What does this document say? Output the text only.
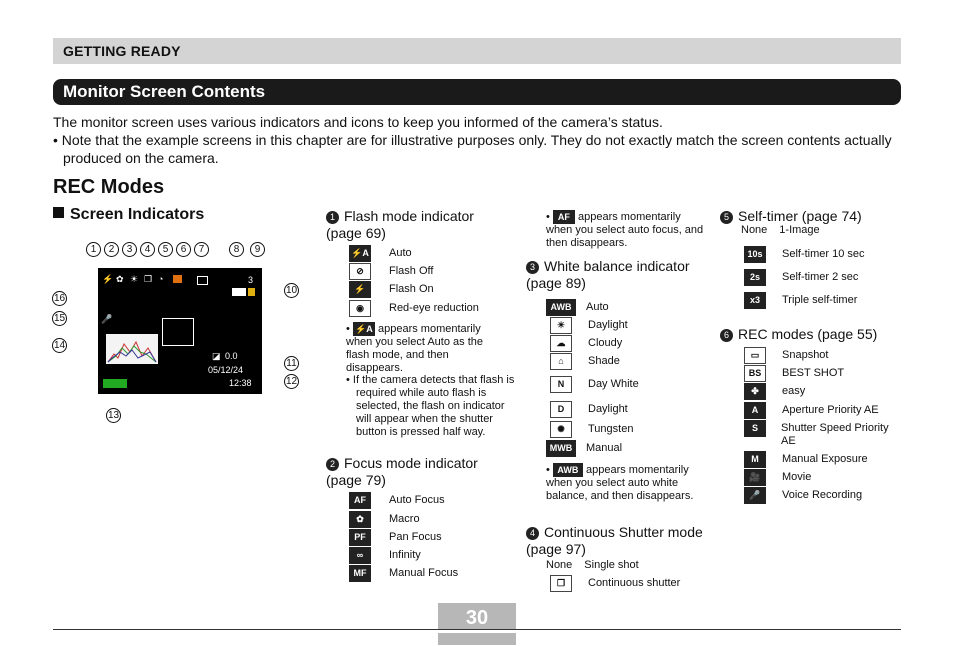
GETTING READY
Monitor Screen Contents

The monitor screen uses various indicators and icons to keep you informed of the camera’s status.

• Note that the example screens in this chapter are for illustrative purposes only. They do not exactly match the screen contents actually produced on the camera.

REC Modes
Screen Indicators
⚡ ✿ ☀ ❐ ◔	3
🎤
◪ 0.0
05/12/24
12:38
1	2	3	4	5	6	7	8	9
10
11
12
13
14
15
16
1 Flash mode indicator (page 69)
⚡A Auto
⊘ Flash Off
⚡ Flash On
◉ Red-eye reduction
• ⚡A appears momentarily when you select Auto as the flash mode, and then disappears.
• If the camera detects that flash is required while auto flash is selected, the flash on indicator will appear when the shutter button is pressed half way.
2 Focus mode indicator (page 79)
AF Auto Focus
✿ Macro
PF Pan Focus
∞ Infinity
MF Manual Focus
• AF appears momentarily when you select auto focus, and then disappears.
3 White balance indicator (page 89)
AWB Auto
☀ Daylight
☁ Cloudy
⌂ Shade
N Day White
D Daylight
✺ Tungsten
MWB Manual
• AWB appears momentarily when you select auto white balance, and then disappears.
4 Continuous Shutter mode (page 97)
None Single shot
❐ Continuous shutter
5 Self-timer (page 74)
None 1-Image
10s Self-timer 10 sec
2s Self-timer 2 sec
x3 Triple self-timer
6 REC modes (page 55)
▭ Snapshot
BS BEST SHOT
✤ easy
A Aperture Priority AE
S	Shutter Speed Priority AE
M Manual Exposure
🎥 Movie
🎤 Voice Recording
30
